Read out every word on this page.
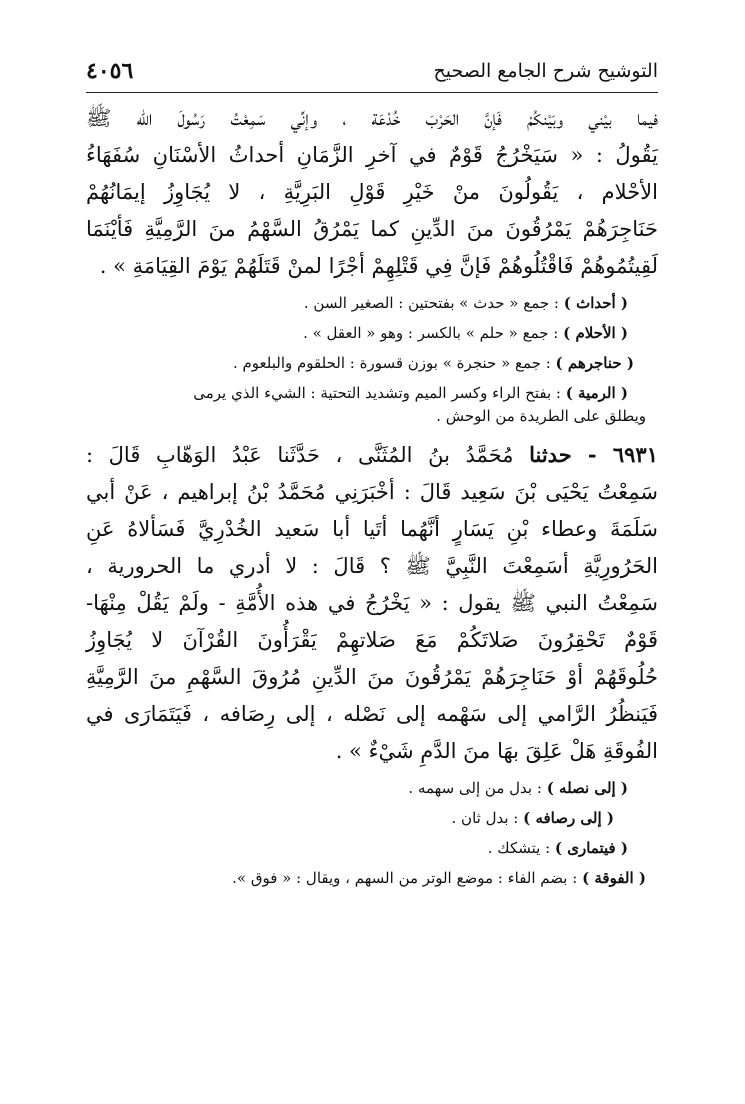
التوشيح شرح الجامع الصحيح
٤٠٥٦

فيما بيْني وبَيْنكُمْ فَإنَّ الحَرْبَ خُدْعَة ، وإنِّي سَمِعْتُ رَسُولَ الله ﷺ

يَقُولُ : « سَيَخْرُجُ قَوْمٌ في آخرِ الزَّمَانِ أحداثُ الأسْنَانِ سُفَهَاءُ

الأحْلام ، يَقُولُونَ منْ خَيْرِ قَوْلِ البَرِيَّةِ ، لا يُجَاوِزُ إيمَانُهُمْ

حَنَاجِرَهُمْ يَمْرُقُونَ منَ الدِّينِ كما يَمْرُقُ السَّهْمُ منَ الرَّمِيَّةِ فَأيْنَمَا

لَقِيتُمُوهُمْ فَاقْتُلُوهُمْ فَإنَّ فِي قَتْلِهِمْ أجْرًا لمنْ قَتَلَهُمْ يَوْمَ القِيَامَةِ » .

( أحداث ) : جمع « حدث » بفتحتين : الصغير السن .

( الأحلام ) : جمع « حلم » بالكسر : وهو « العقل » .

( حناجرهم ) : جمع « حنجرة » بوزن قسورة : الحلقوم والبلعوم .

( الرمية ) : بفتح الراء وكسر الميم وتشديد التحتية : الشيء الذي يرمى

ويطلق على الطريدة من الوحش .

٦٩٣١ - حدثنا مُحَمَّدُ بنُ المُثَنَّى ، حَدَّثَنا عَبْدُ الوَهّابِ قَالَ :

سَمِعْتُ يَحْيَى بْنَ سَعِيد قَالَ : أخْبَرَنِي مُحَمَّدُ بْنُ إبراهيم ، عَنْ أبي

سَلَمَةَ وعطاء بْنِ يَسَارٍ أنَّهُما أتَيا أبا سَعيد الخُدْرِيَّ فَسَألاهُ عَنِ

الحَرُورِيَّةِ أسَمِعْتَ النَّبِيَّ ﷺ ؟ قَالَ : لا أدري ما الحرورية ،

سَمِعْتُ النبي ﷺ يقول : « يَخْرُجُ في هذه الأُمَّةِ - ولَمْ يَقُلْ مِنْهَا-

قَوْمٌ تَحْقِرُونَ صَلاتَكُمْ مَعَ صَلاتهِمْ يَقْرَأُونَ القُرْآنَ لا يُجَاوِزُ

حُلُوقَهُمْ أوْ حَنَاجِرَهُمْ يَمْرُقُونَ منَ الدِّينِ مُرُوقَ السَّهْمِ منَ الرَّمِيَّةِ

فَيَنظُرُ الرَّامي إلى سَهْمه إلى نَصْله ، إلى رِصَافه ، فَيَتَمَارَى في

الفُوقَةِ هَلْ عَلِقَ بهَا منَ الدَّمِ شَيْءٌ » .

( إلى نصله ) : بدل من إلى سهمه .

( إلى رصافه ) : بدل ثان .

( فيتمارى ) : يتشكك .

( الفوقة ) : بضم الفاء : موضع الوتر من السهم ، ويقال : « فوق ».
